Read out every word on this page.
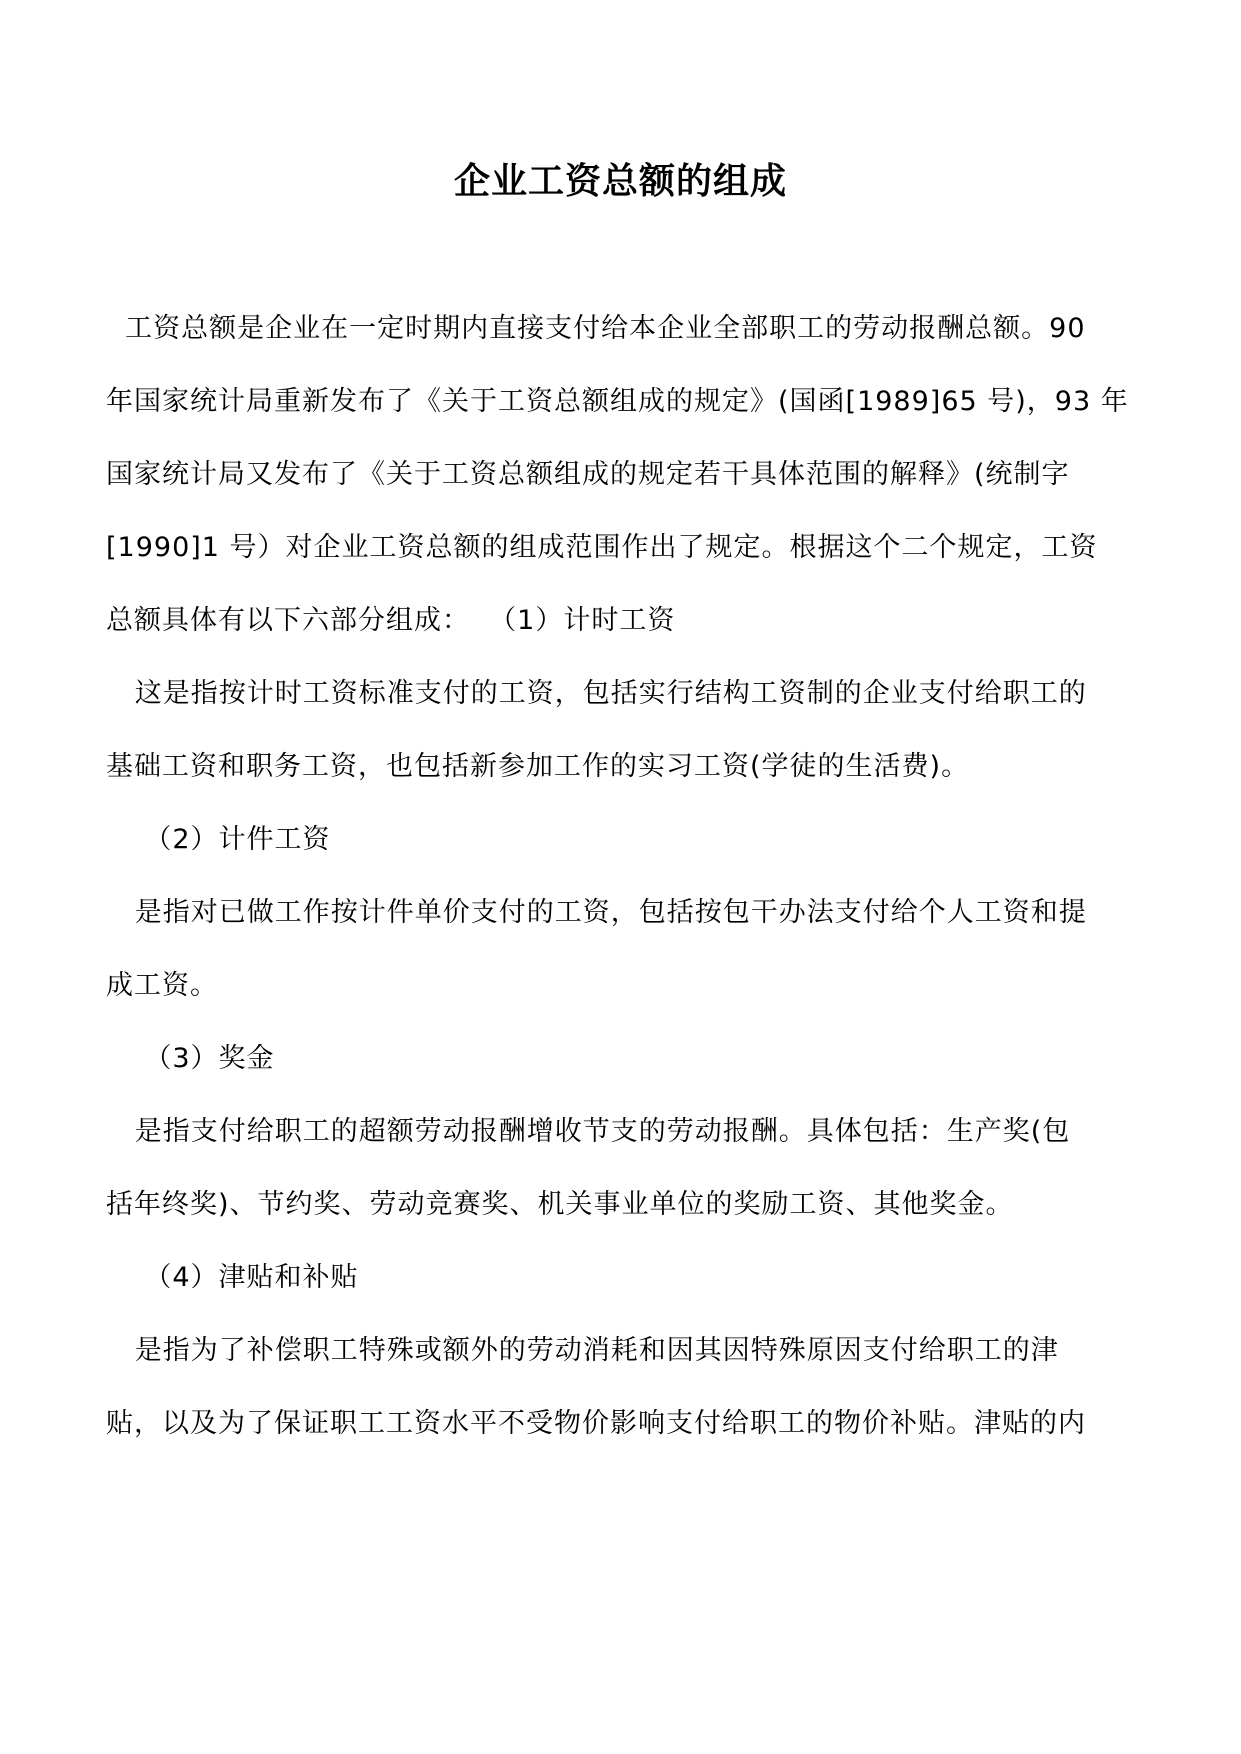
企业工资总额的组成
工资总额是企业在一定时期内直接支付给本企业全部职工的劳动报酬总额。90
年国家统计局重新发布了《关于工资总额组成的规定》(国函[1989]65 号)，93 年
国家统计局又发布了《关于工资总额组成的规定若干具体范围的解释》(统制字
[1990]1 号）对企业工资总额的组成范围作出了规定。根据这个二个规定，工资
总额具体有以下六部分组成：  （1）计时工资
这是指按计时工资标准支付的工资，包括实行结构工资制的企业支付给职工的
基础工资和职务工资，也包括新参加工作的实习工资(学徒的生活费)。
（2）计件工资
是指对已做工作按计件单价支付的工资，包括按包干办法支付给个人工资和提
成工资。
（3）奖金
是指支付给职工的超额劳动报酬增收节支的劳动报酬。具体包括：生产奖(包
括年终奖)、节约奖、劳动竞赛奖、机关事业单位的奖励工资、其他奖金。
（4）津贴和补贴
是指为了补偿职工特殊或额外的劳动消耗和因其因特殊原因支付给职工的津
贴，以及为了保证职工工资水平不受物价影响支付给职工的物价补贴。津贴的内
